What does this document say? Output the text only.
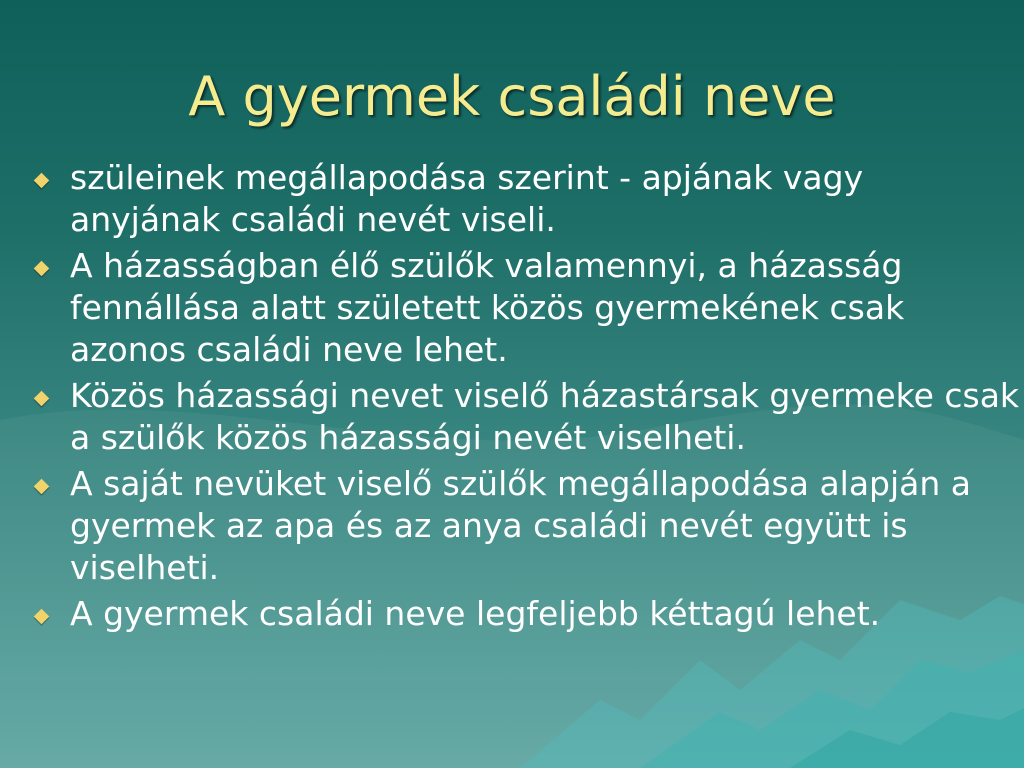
A gyermek családi neve
szüleinek megállapodása szerint - apjának vagy anyjának családi nevét viseli.
A házasságban élő szülők valamennyi, a házasság fennállása alatt született közös gyermekének csak azonos családi neve lehet.
Közös házassági nevet viselő házastársak gyermeke csak a szülők közös házassági nevét viselheti.
A saját nevüket viselő szülők megállapodása alapján a gyermek az apa és az anya családi nevét együtt is viselheti.
A gyermek családi neve legfeljebb kéttagú lehet.
